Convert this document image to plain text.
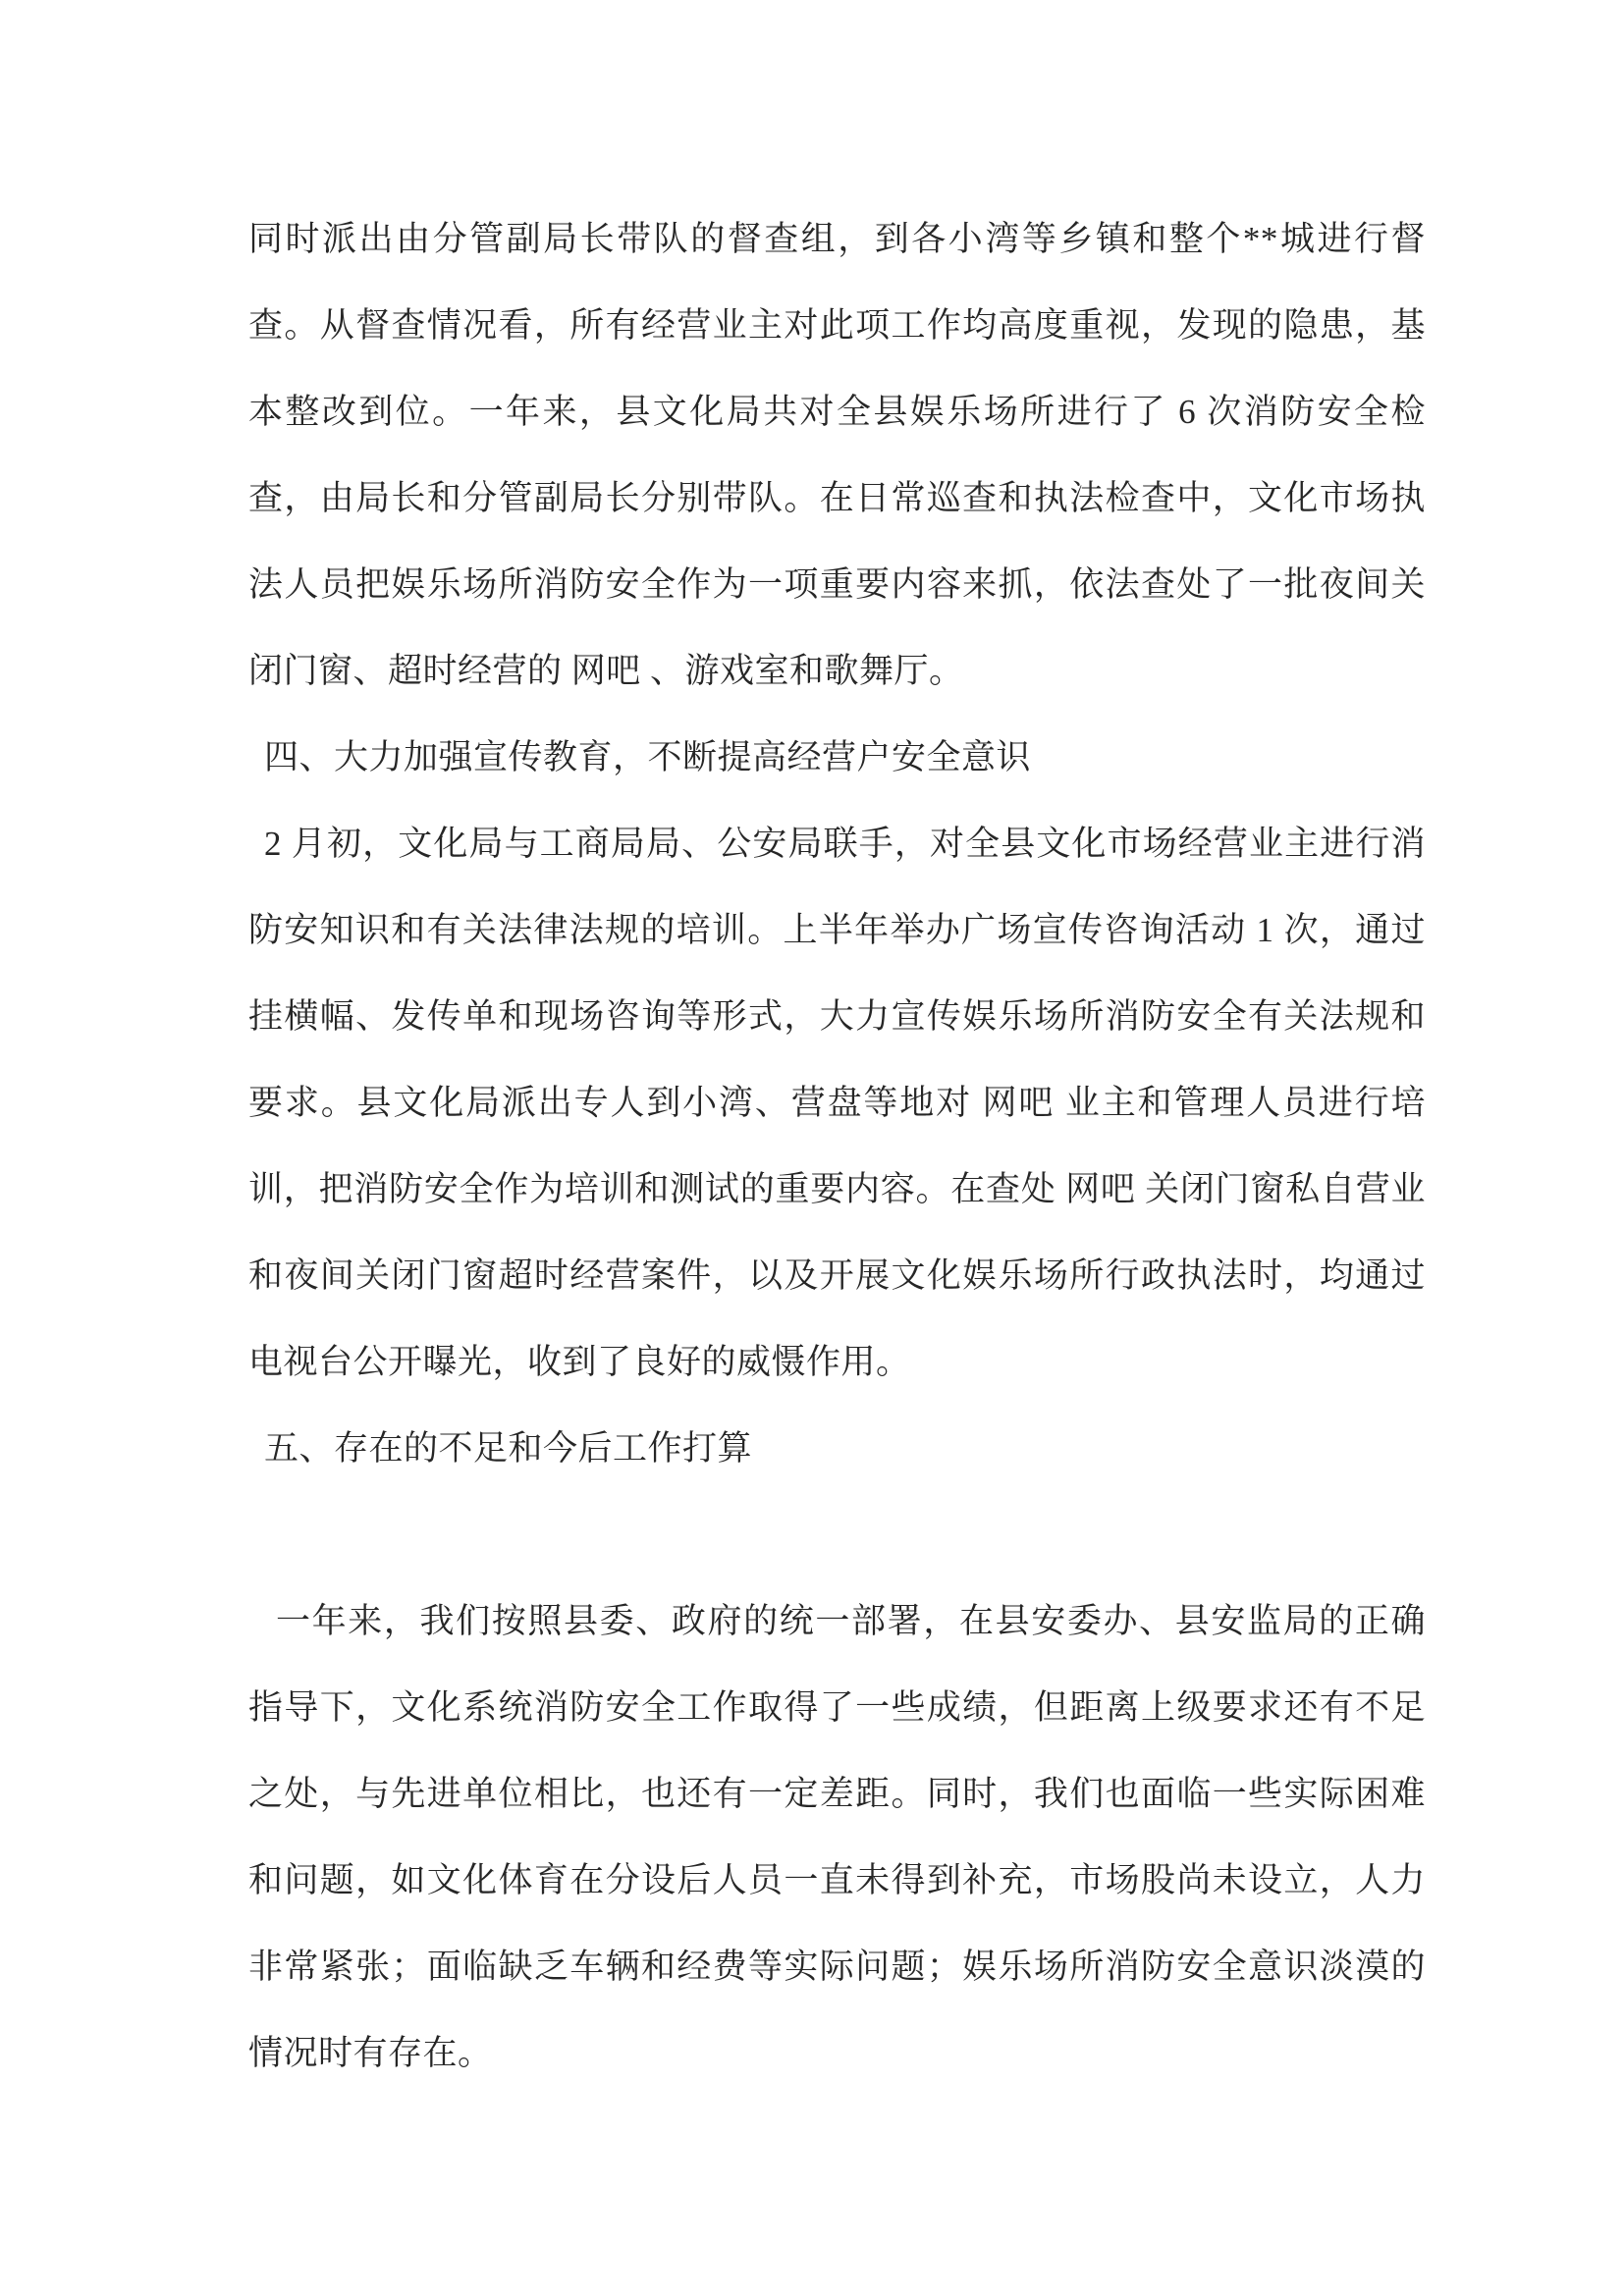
同时派出由分管副局长带队的督查组，到各小湾等乡镇和整个**城进行督查。从督查情况看，所有经营业主对此项工作均高度重视，发现的隐患，基本整改到位。一年来，县文化局共对全县娱乐场所进行了 6 次消防安全检查，由局长和分管副局长分别带队。在日常巡查和执法检查中，文化市场执法人员把娱乐场所消防安全作为一项重要内容来抓，依法查处了一批夜间关闭门窗、超时经营的 网吧 、游戏室和歌舞厅。

四、大力加强宣传教育，不断提高经营户安全意识

2 月初，文化局与工商局局、公安局联手，对全县文化市场经营业主进行消防安知识和有关法律法规的培训。上半年举办广场宣传咨询活动 1 次，通过挂横幅、发传单和现场咨询等形式，大力宣传娱乐场所消防安全有关法规和要求。县文化局派出专人到小湾、营盘等地对 网吧 业主和管理人员进行培训，把消防安全作为培训和测试的重要内容。在查处 网吧 关闭门窗私自营业和夜间关闭门窗超时经营案件，以及开展文化娱乐场所行政执法时，均通过电视台公开曝光，收到了良好的威慑作用。

五、存在的不足和今后工作打算

一年来，我们按照县委、政府的统一部署，在县安委办、县安监局的正确指导下，文化系统消防安全工作取得了一些成绩，但距离上级要求还有不足之处，与先进单位相比，也还有一定差距。同时，我们也面临一些实际困难和问题，如文化体育在分设后人员一直未得到补充，市场股尚未设立，人力非常紧张；面临缺乏车辆和经费等实际问题；娱乐场所消防安全意识淡漠的情况时有存在。
